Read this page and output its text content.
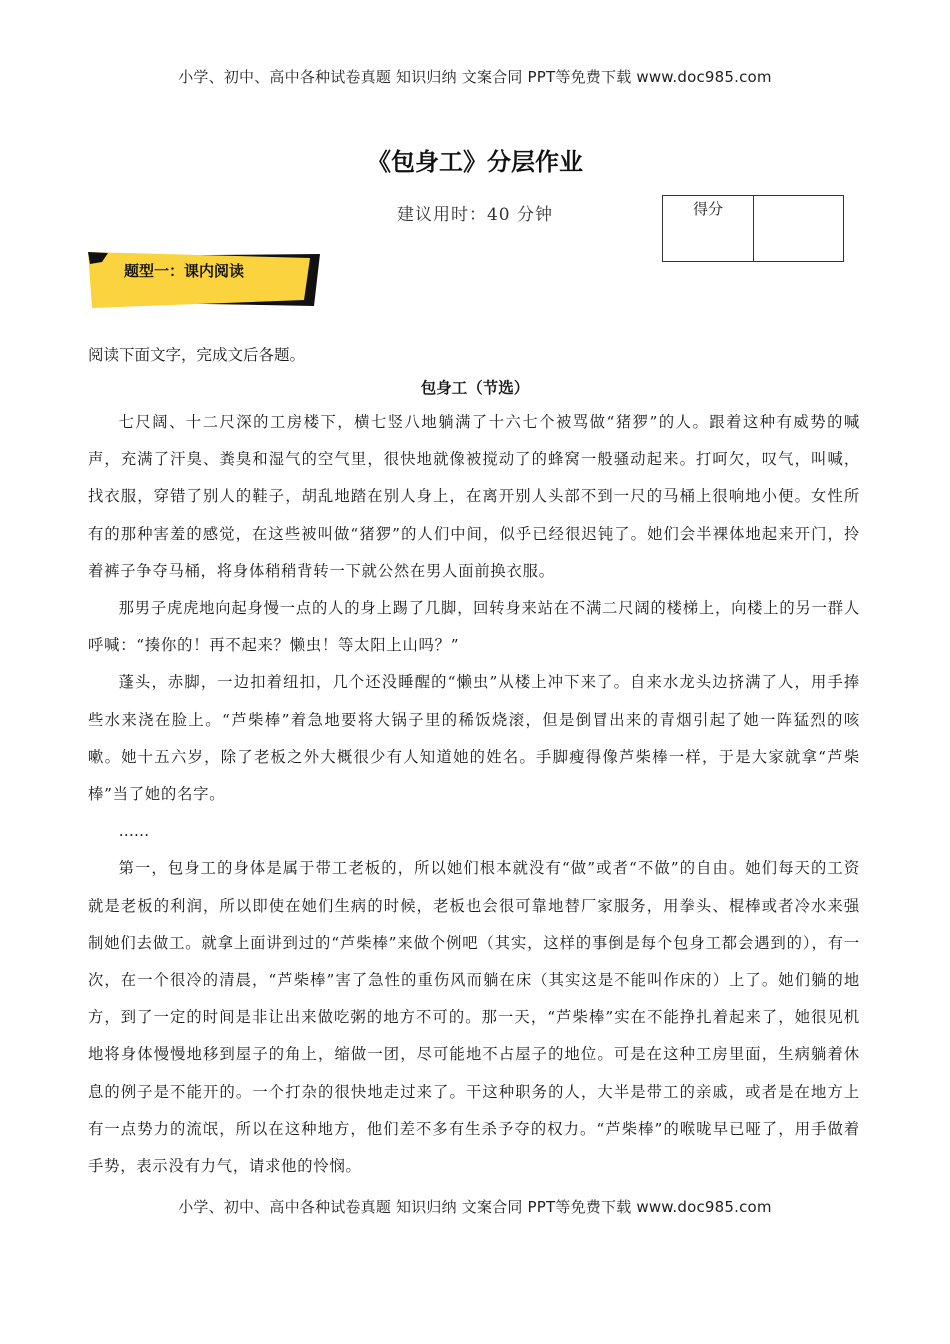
小学、初中、高中各种试卷真题 知识归纳 文案合同 PPT等免费下载 www.doc985.com
《包身工》分层作业
建议用时：40 分钟	得分
题型一：课内阅读
阅读下面文字，完成文后各题。
包身工（节选）

七尺阔、十二尺深的工房楼下，横七竖八地躺满了十六七个被骂做“猪猡”的人。跟着这种有威势的喊声，充满了汗臭、粪臭和湿气的空气里，很快地就像被搅动了的蜂窝一般骚动起来。打呵欠，叹气，叫喊，找衣服，穿错了别人的鞋子，胡乱地踏在别人身上，在离开别人头部不到一尺的马桶上很响地小便。女性所有的那种害羞的感觉，在这些被叫做“猪猡”的人们中间，似乎已经很迟钝了。她们会半裸体地起来开门，拎着裤子争夺马桶，将身体稍稍背转一下就公然在男人面前换衣服。

那男子虎虎地向起身慢一点的人的身上踢了几脚，回转身来站在不满二尺阔的楼梯上，向楼上的另一群人呼喊：“揍你的！再不起来？懒虫！等太阳上山吗？”

蓬头，赤脚，一边扣着纽扣，几个还没睡醒的“懒虫”从楼上冲下来了。自来水龙头边挤满了人，用手捧些水来浇在脸上。“芦柴棒”着急地要将大锅子里的稀饭烧滚，但是倒冒出来的青烟引起了她一阵猛烈的咳嗽。她十五六岁，除了老板之外大概很少有人知道她的姓名。手脚瘦得像芦柴棒一样，于是大家就拿“芦柴棒”当了她的名字。

……

第一，包身工的身体是属于带工老板的，所以她们根本就没有“做”或者“不做”的自由。她们每天的工资就是老板的利润，所以即使在她们生病的时候，老板也会很可靠地替厂家服务，用拳头、棍棒或者冷水来强制她们去做工。就拿上面讲到过的“芦柴棒”来做个例吧（其实，这样的事倒是每个包身工都会遇到的），有一次，在一个很冷的清晨，“芦柴棒”害了急性的重伤风而躺在床（其实这是不能叫作床的）上了。她们躺的地方，到了一定的时间是非让出来做吃粥的地方不可的。那一天，“芦柴棒”实在不能挣扎着起来了，她很见机地将身体慢慢地移到屋子的角上，缩做一团，尽可能地不占屋子的地位。可是在这种工房里面，生病躺着休息的例子是不能开的。一个打杂的很快地走过来了。干这种职务的人，大半是带工的亲戚，或者是在地方上有一点势力的流氓，所以在这种地方，他们差不多有生杀予夺的权力。“芦柴棒”的喉咙早已哑了，用手做着手势，表示没有力气，请求他的怜悯。

小学、初中、高中各种试卷真题 知识归纳 文案合同 PPT等免费下载 www.doc985.com
